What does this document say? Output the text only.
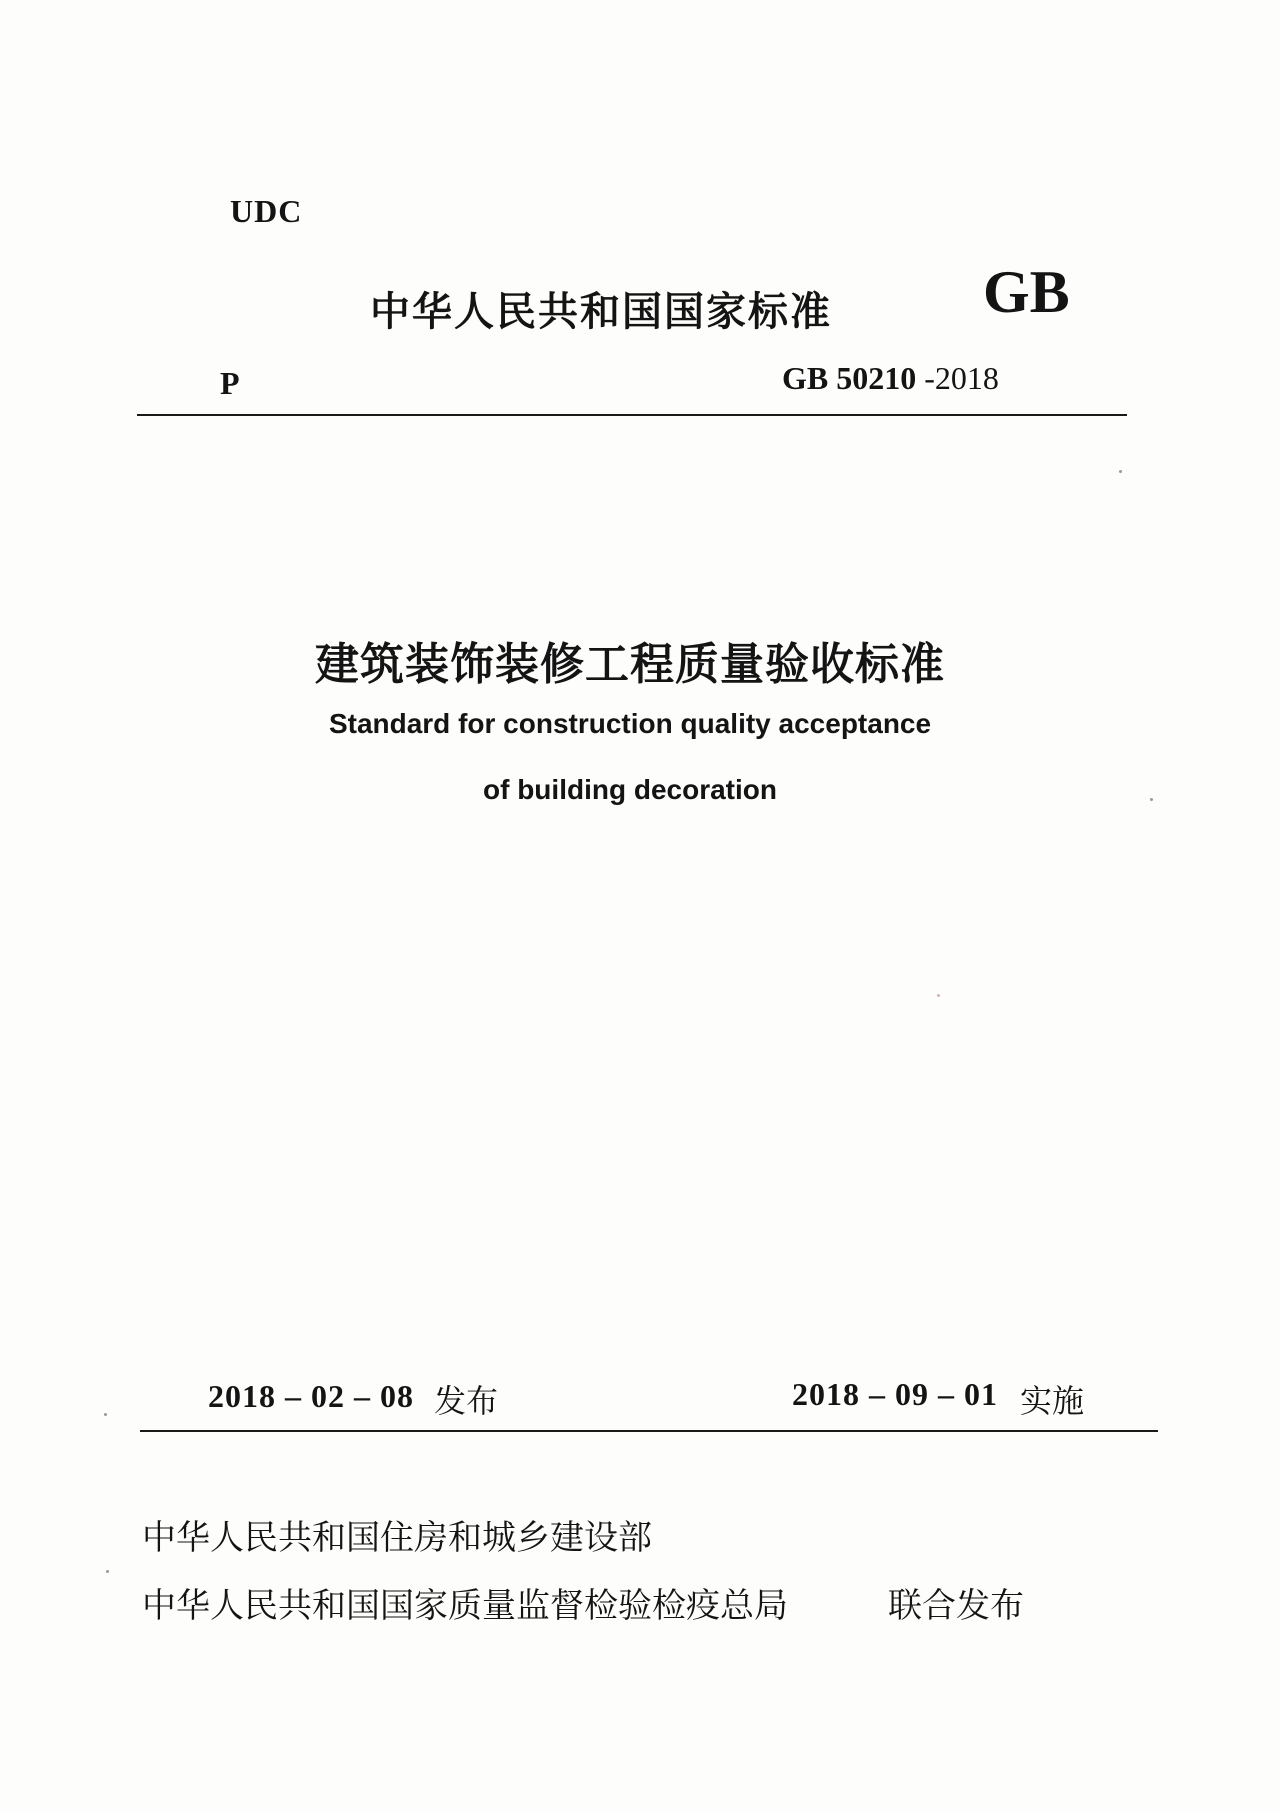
UDC
中华人民共和国国家标准	GB
P	GB 50210 -2018
建筑装饰装修工程质量验收标准
Standard for construction quality acceptance
of building decoration
2018 – 02 – 08 发布	2018 – 09 – 01 实施
中华人民共和国住房和城乡建设部
中华人民共和国国家质量监督检验检疫总局	联合发布
